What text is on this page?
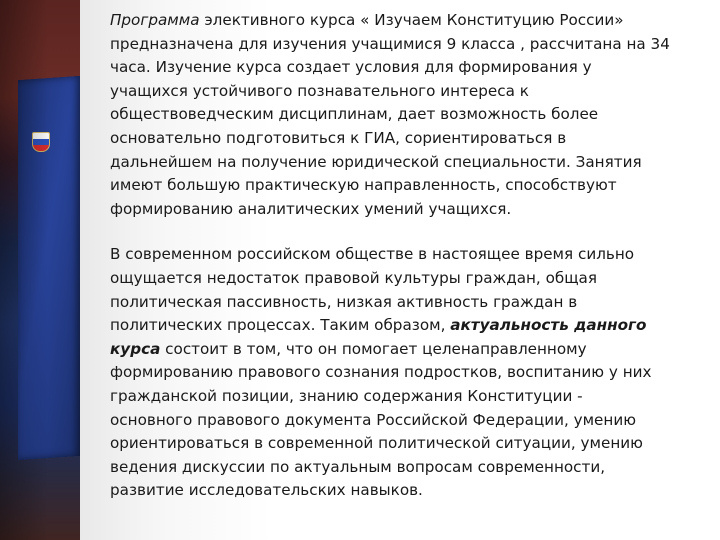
Программа элективного курса « Изучаем Конституцию России»
предназначена для изучения учащимися 9 класса , рассчитана на 34
часа. Изучение курса создает условия для формирования у
учащихся устойчивого познавательного интереса к
обществоведческим дисциплинам, дает возможность более
основательно подготовиться к ГИА, сориентироваться в
дальнейшем на получение юридической специальности. Занятия
имеют большую практическую направленность, способствуют
формированию аналитических умений учащихся.

В современном российском обществе в настоящее время сильно
ощущается недостаток правовой культуры граждан, общая
политическая пассивность, низкая активность граждан в
политических процессах. Таким образом, актуальность данного
курса состоит в том, что он помогает целенаправленному
формированию правового сознания подростков, воспитанию у них
гражданской позиции, знанию содержания Конституции -
основного правового документа Российской Федерации, умению
ориентироваться в современной политической ситуации, умению
ведения дискуссии по актуальным вопросам современности,
развитие исследовательских навыков.
